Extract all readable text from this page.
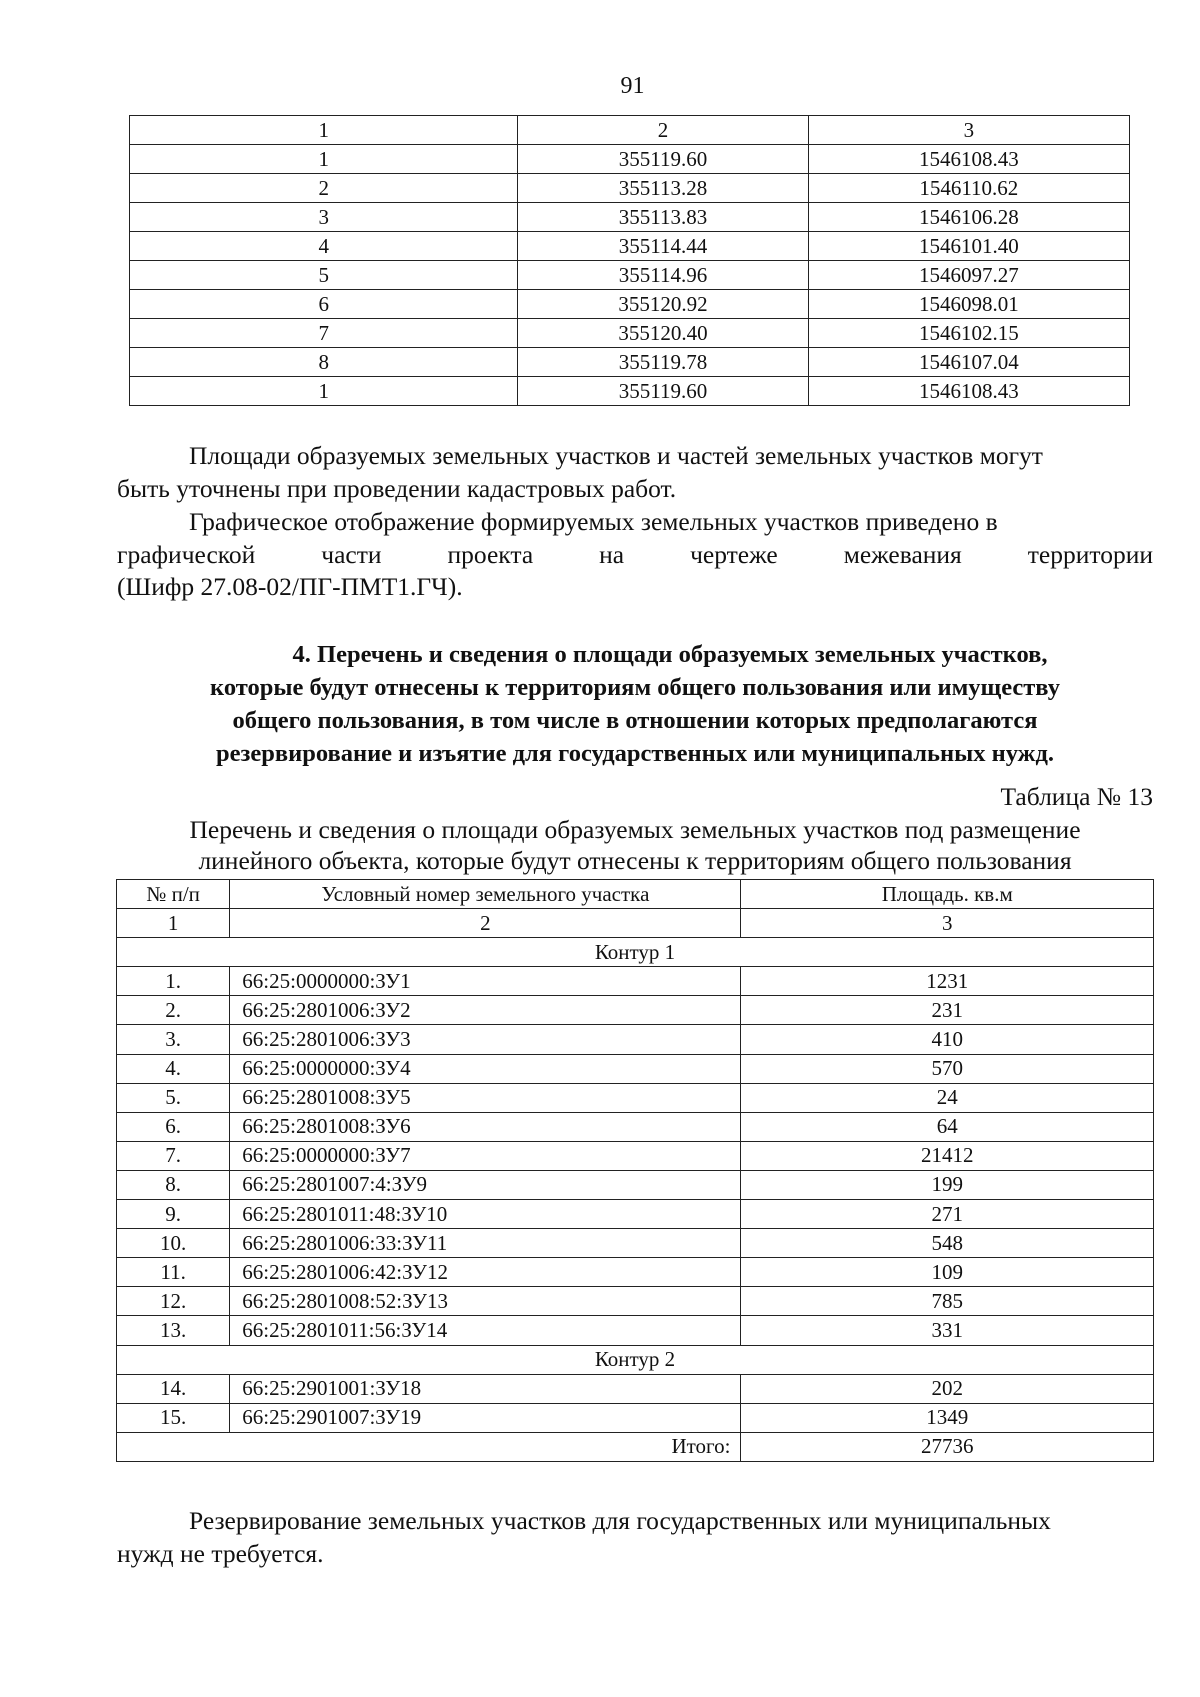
91
1	2	3
1	355119.60	1546108.43
2	355113.28	1546110.62
3	355113.83	1546106.28
4	355114.44	1546101.40
5	355114.96	1546097.27
6	355120.92	1546098.01
7	355120.40	1546102.15
8	355119.78	1546107.04
1	355119.60	1546108.43

Площади образуемых земельных участков и частей земельных участков могут
быть уточнены при проведении кадастровых работ.

Графическое отображение формируемых земельных участков приведено в

графической	части	проекта	на	чертеже	межевания	территории
(Шифр 27.08-02/ПГ-ПМТ1.ГЧ).

4. Перечень и сведения о площади образуемых земельных участков,
которые будут отнесены к территориям общего пользования или имуществу
общего пользования, в том числе в отношении которых предполагаются
резервирование и изъятие для государственных или муниципальных нужд.

Таблица № 13

Перечень и сведения о площади образуемых земельных участков под размещение
линейного объекта, которые будут отнесены к территориям общего пользования

№ п/п	Условный номер земельного участка	Площадь. кв.м
1	2	3
Контур 1		
1.	66:25:0000000:ЗУ1	1231
2.	66:25:2801006:ЗУ2	231
3.	66:25:2801006:ЗУ3	410
4.	66:25:0000000:ЗУ4	570
5.	66:25:2801008:ЗУ5	24
6.	66:25:2801008:ЗУ6	64
7.	66:25:0000000:ЗУ7	21412
8.	66:25:2801007:4:ЗУ9	199
9.	66:25:2801011:48:ЗУ10	271
10.	66:25:2801006:33:ЗУ11	548
11.	66:25:2801006:42:ЗУ12	109
12.	66:25:2801008:52:ЗУ13	785
13.	66:25:2801011:56:ЗУ14	331
Контур 2		
14.	66:25:2901001:ЗУ18	202
15.	66:25:2901007:ЗУ19	1349
Итого:		27736

Резервирование земельных участков для государственных или муниципальных
нужд не требуется.
